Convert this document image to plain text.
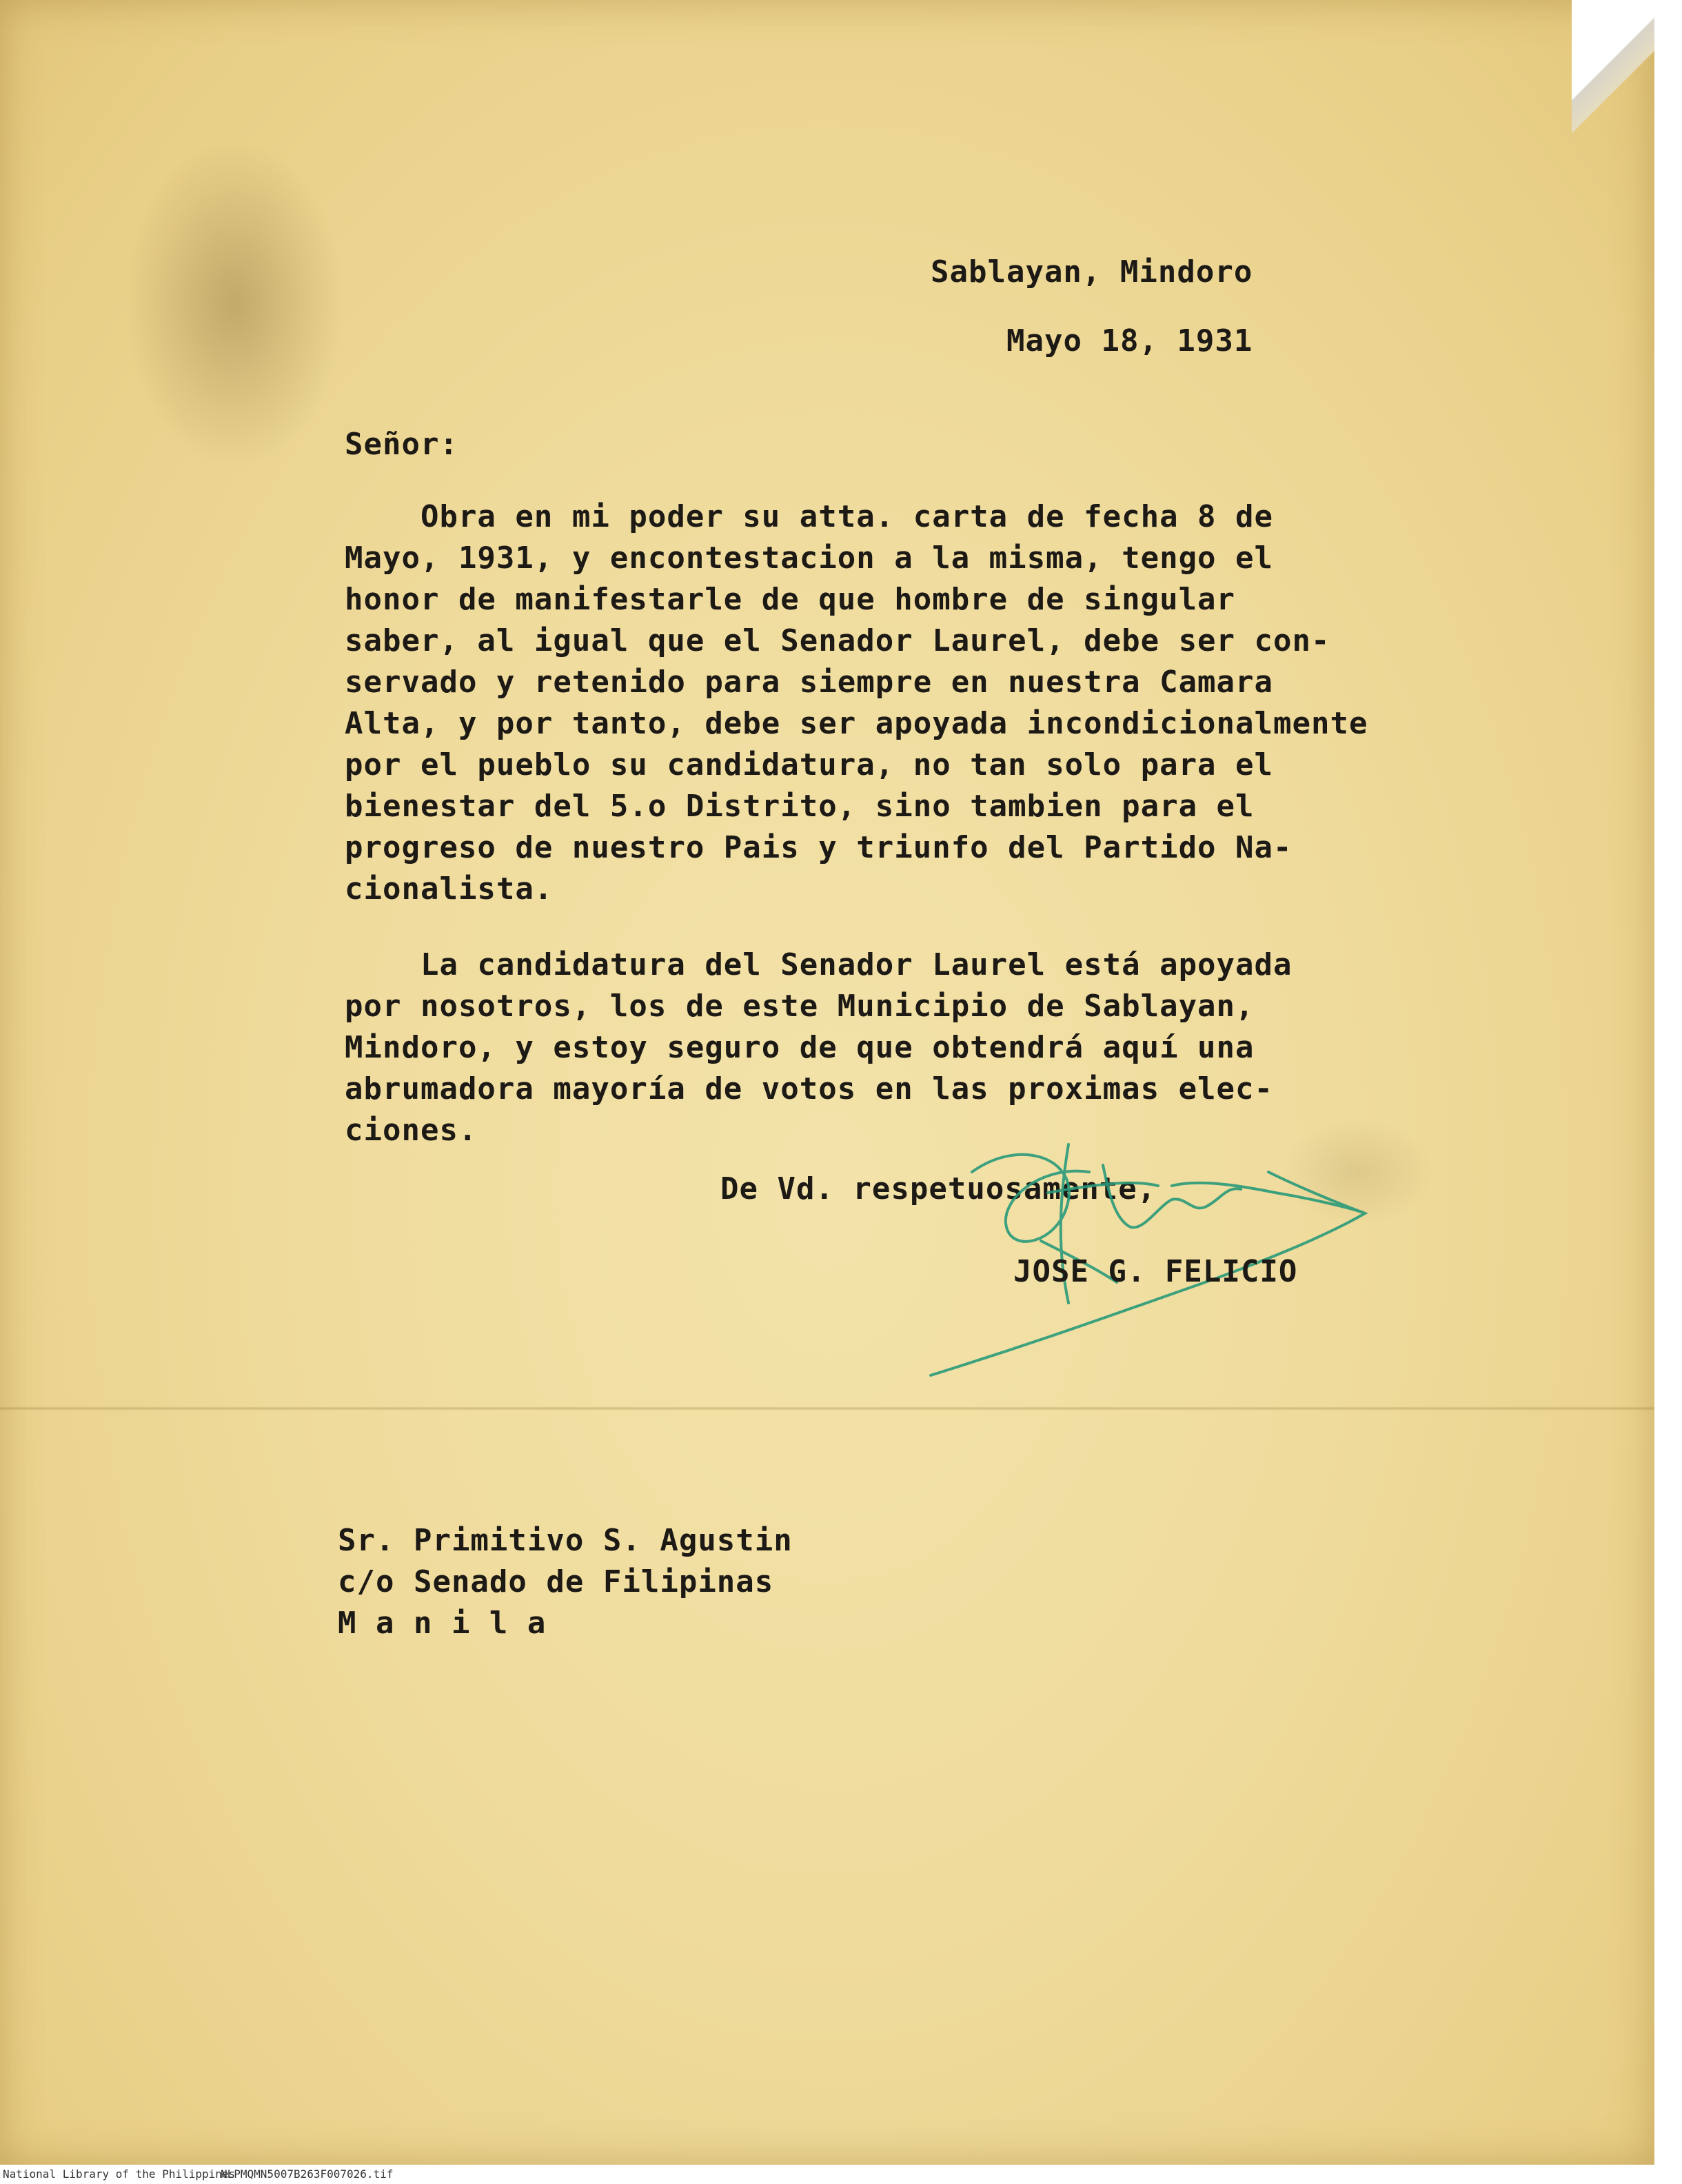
Sablayan, Mindoro
Mayo 18, 1931
Señor:
Obra en mi poder su atta. carta de fecha 8 de
Mayo, 1931, y encontestacion a la misma, tengo el
honor de manifestarle de que hombre de singular
saber, al igual que el Senador Laurel, debe ser con-
servado y retenido para siempre en nuestra Camara
Alta, y por tanto, debe ser apoyada incondicionalmente
por el pueblo su candidatura, no tan solo para el
bienestar del 5.o Distrito, sino tambien para el
progreso de nuestro Pais y triunfo del Partido Na-
cionalista.
La candidatura del Senador Laurel está apoyada
por nosotros, los de este Municipio de Sablayan,
Mindoro, y estoy seguro de que obtendrá aquí una
abrumadora mayoría de votos en las proximas elec-
ciones.
De Vd. respetuosamente,
JOSE G. FELICIO
Sr. Primitivo S. Agustin
c/o Senado de Filipinas
M a n i l a
National Library of the Philippines
NLPMQMN5007B263F007026.tif
